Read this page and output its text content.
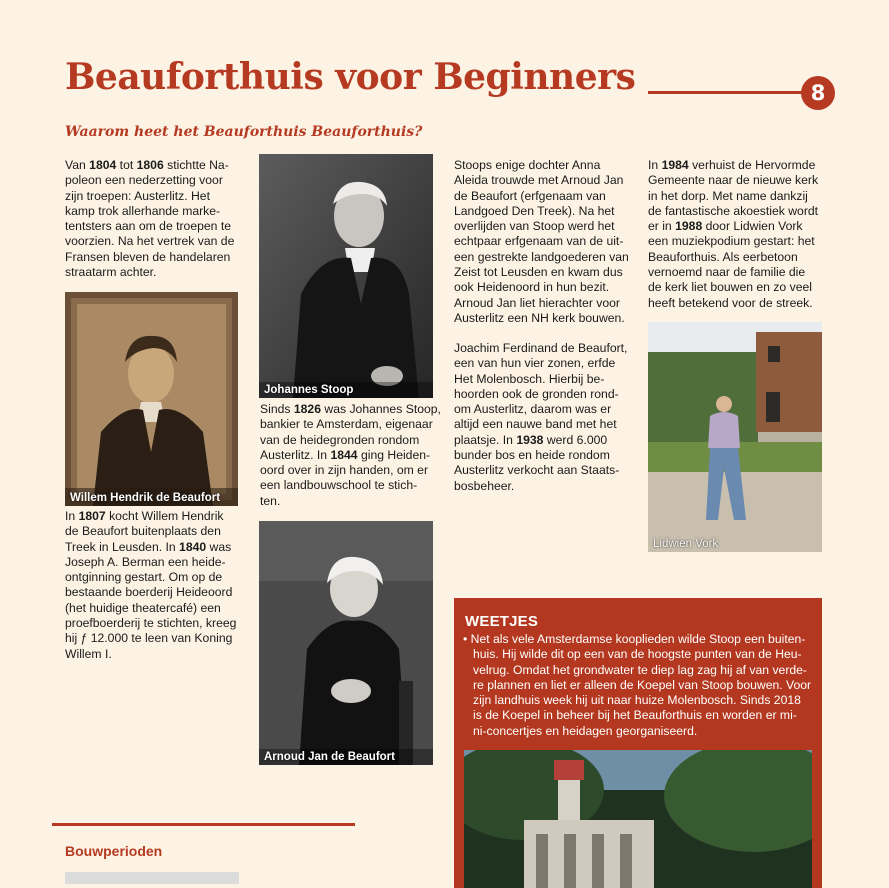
Beauforthuis voor Beginners	8
Waarom heet het Beauforthuis Beauforthuis?

Van 1804 tot 1806 stichtte Na-

poleon een nederzetting voor

zijn troepen: Austerlitz. Het

kamp trok allerhande marke-

tentsters aan om de troepen te

voorzien. Na het vertrek van de

Fransen bleven de handelaren

straatarm achter.

Willem Hendrik de Beaufort

In 1807 kocht Willem Hendrik

de Beaufort buitenplaats den

Treek in Leusden. In 1840 was

Joseph A. Berman een heide-

ontginning gestart. Om op de

bestaande boerderij Heideoord

(het huidige theatercafé) een

proefboerderij te stichten, kreeg

hij ƒ 12.000 te leen van Koning

Willem I.

Johannes Stoop

Sinds 1826 was Johannes Stoop,

bankier te Amsterdam, eigenaar

van de heidegronden rondom

Austerlitz. In 1844 ging Heiden-

oord over in zijn handen, om er

een landbouwschool te stich-

ten.

Arnoud Jan de Beaufort

Stoops enige dochter Anna

Aleida trouwde met Arnoud Jan

de Beaufort (erfgenaam van

Landgoed Den Treek). Na het

overlijden van Stoop werd het

echtpaar erfgenaam van de uit-

een gestrekte landgoederen van

Zeist tot Leusden en kwam dus

ook Heidenoord in hun bezit.

Arnoud Jan liet hierachter voor

Austerlitz een NH kerk bouwen.

Joachim Ferdinand de Beaufort,

een van hun vier zonen, erfde

Het Molenbosch. Hierbij be-

hoorden ook de gronden rond-

om Austerlitz, daarom was er

altijd een nauwe band met het

plaatsje. In 1938 werd 6.000

bunder bos en heide rondom

Austerlitz verkocht aan Staats-

bosbeheer.

In 1984 verhuist de Hervormde

Gemeente naar de nieuwe kerk

in het dorp. Met name dankzij

de fantastische akoestiek wordt

er in 1988 door Lidwien Vork

een muziekpodium gestart: het

Beauforthuis. Als eerbetoon

vernoemd naar de familie die

de kerk liet bouwen en zo veel

heeft betekend voor de streek.

Lidwien Vork
WEETJES

• Net als vele Amsterdamse kooplieden wilde Stoop een buiten-

huis. Hij wilde dit op een van de hoogste punten van de Heu-

velrug. Omdat het grondwater te diep lag zag hij af van verde-

re plannen en liet er alleen de Koepel van Stoop bouwen. Voor

zijn landhuis week hij uit naar huize Molenbosch. Sinds 2018

is de Koepel in beheer bij het Beauforthuis en worden er mi-

ni-concertjes en heidagen georganiseerd.

Bouwperioden
